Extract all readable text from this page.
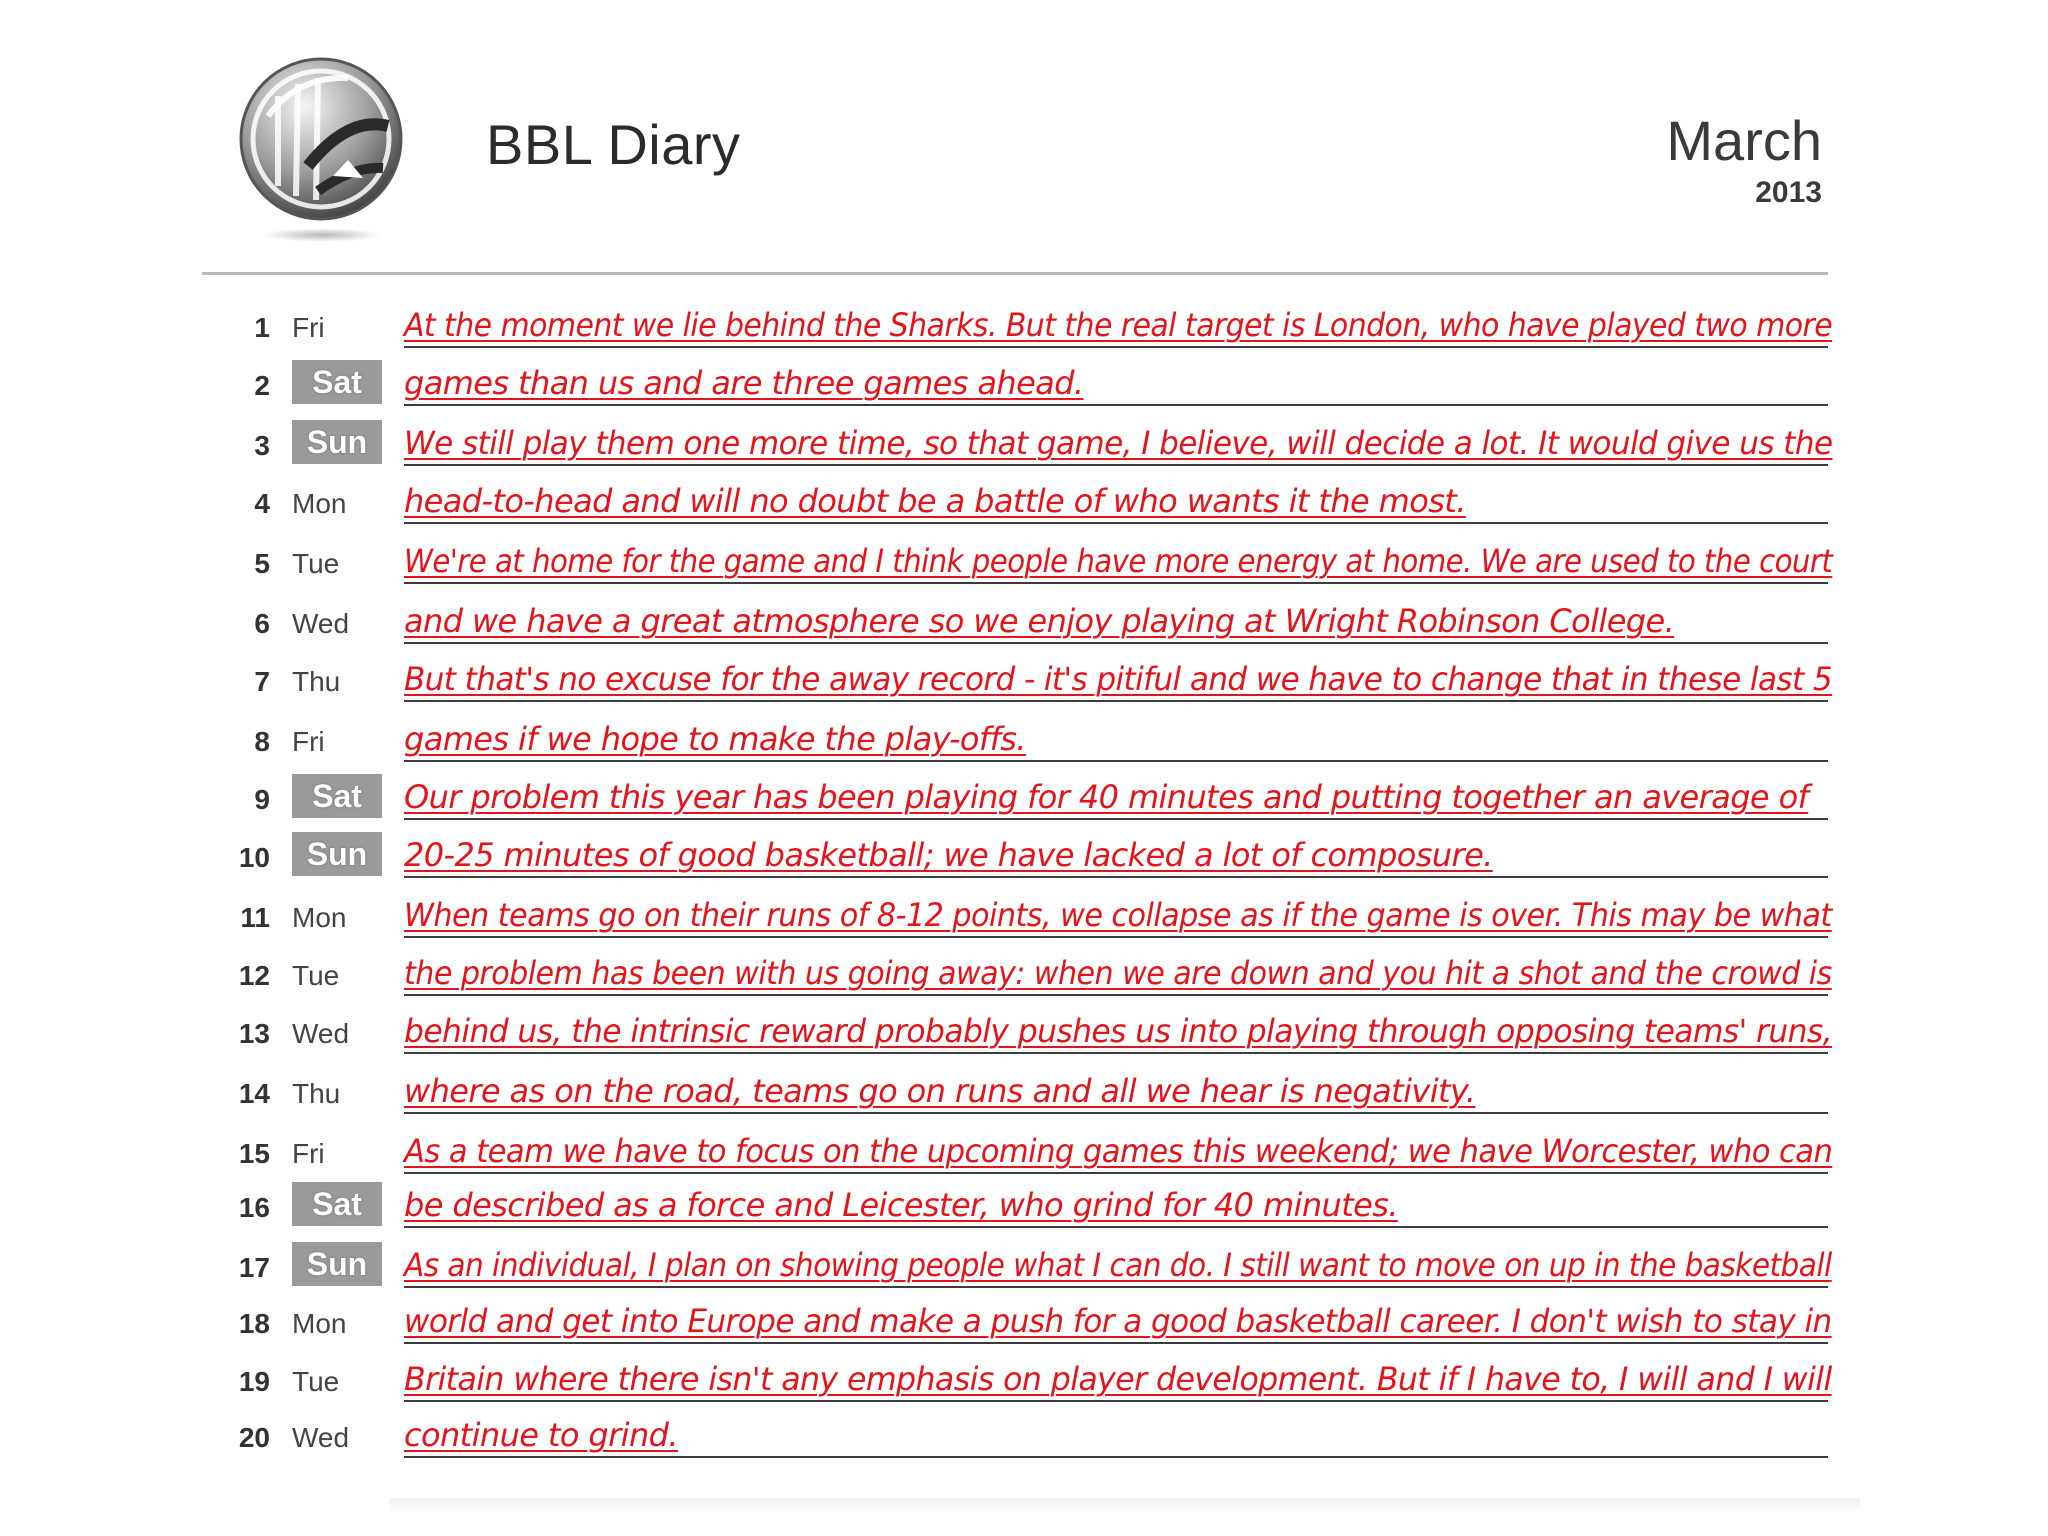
BBL Diary	March
2013
1 Fri At the moment we lie behind the Sharks. But the real target is London, who have played two more
2	Sat	games than us and are three games ahead.
3	Sun	We still play them one more time, so that game, I believe, will decide a lot. It would give us the
4 Mon head-to-head and will no doubt be a battle of who wants it the most.
5 Tue We're at home for the game and I think people have more energy at home. We are used to the court
6 Wed and we have a great atmosphere so we enjoy playing at Wright Robinson College.
7 Thu But that's no excuse for the away record - it's pitiful and we have to change that in these last 5
8 Fri games if we hope to make the play-offs.
9	Sat	Our problem this year has been playing for 40 minutes and putting together an average of
10	Sun	20-25 minutes of good basketball; we have lacked a lot of composure.
11 Mon When teams go on their runs of 8-12 points, we collapse as if the game is over. This may be what
12 Tue the problem has been with us going away: when we are down and you hit a shot and the crowd is
13 Wed behind us, the intrinsic reward probably pushes us into playing through opposing teams' runs,
14 Thu where as on the road, teams go on runs and all we hear is negativity.
15 Fri As a team we have to focus on the upcoming games this weekend; we have Worcester, who can
16	Sat	be described as a force and Leicester, who grind for 40 minutes.
17	Sun	As an individual, I plan on showing people what I can do. I still want to move on up in the basketball
18 Mon world and get into Europe and make a push for a good basketball career. I don't wish to stay in
19 Tue Britain where there isn't any emphasis on player development. But if I have to, I will and I will
20 Wed continue to grind.
